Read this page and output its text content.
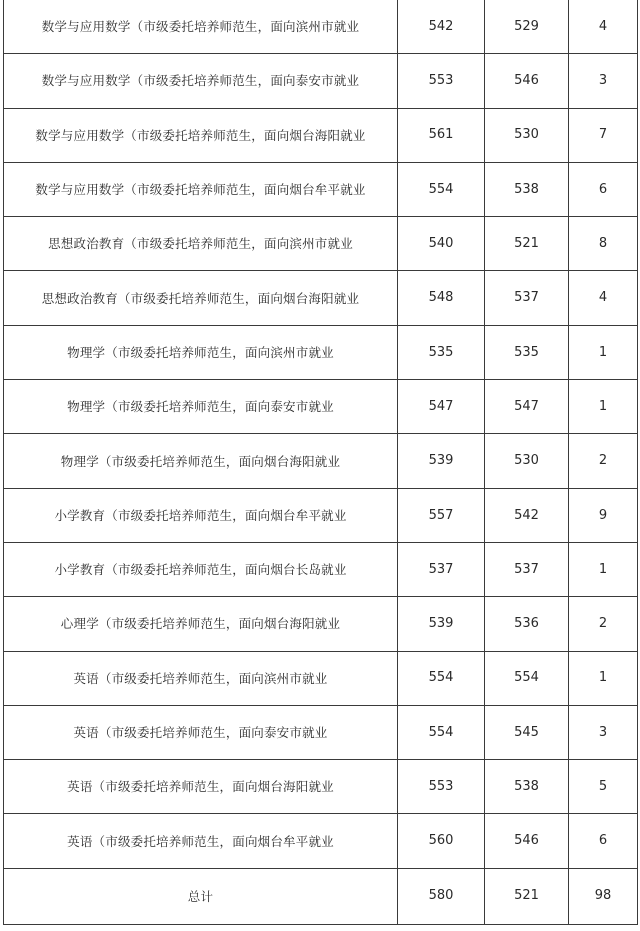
数学与应用数学（市级委托培养师范生，面向滨州市就业	542	529	4
数学与应用数学（市级委托培养师范生，面向泰安市就业	553	546	3
数学与应用数学（市级委托培养师范生，面向烟台海阳就业	561	530	7
数学与应用数学（市级委托培养师范生，面向烟台牟平就业	554	538	6
思想政治教育（市级委托培养师范生，面向滨州市就业	540	521	8
思想政治教育（市级委托培养师范生，面向烟台海阳就业	548	537	4
物理学（市级委托培养师范生，面向滨州市就业	535	535	1
物理学（市级委托培养师范生，面向泰安市就业	547	547	1
物理学（市级委托培养师范生，面向烟台海阳就业	539	530	2
小学教育（市级委托培养师范生，面向烟台牟平就业	557	542	9
小学教育（市级委托培养师范生，面向烟台长岛就业	537	537	1
心理学（市级委托培养师范生，面向烟台海阳就业	539	536	2
英语（市级委托培养师范生，面向滨州市就业	554	554	1
英语（市级委托培养师范生，面向泰安市就业	554	545	3
英语（市级委托培养师范生，面向烟台海阳就业	553	538	5
英语（市级委托培养师范生，面向烟台牟平就业	560	546	6
总计	580	521	98
